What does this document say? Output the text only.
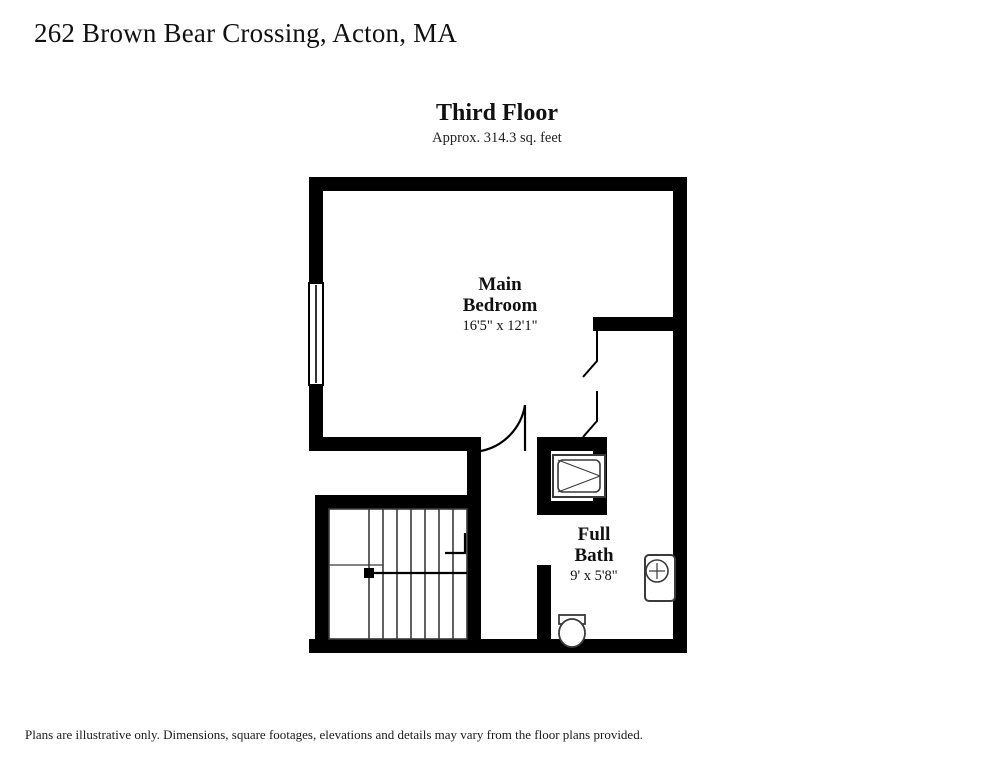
262 Brown Bear Crossing, Acton, MA
Third Floor
Approx. 314.3 sq. feet
Main
Bedroom
16'5" x 12'1"
Full
Bath
9' x 5'8"
Plans are illustrative only. Dimensions, square footages, elevations and details may vary from the floor plans provided.
